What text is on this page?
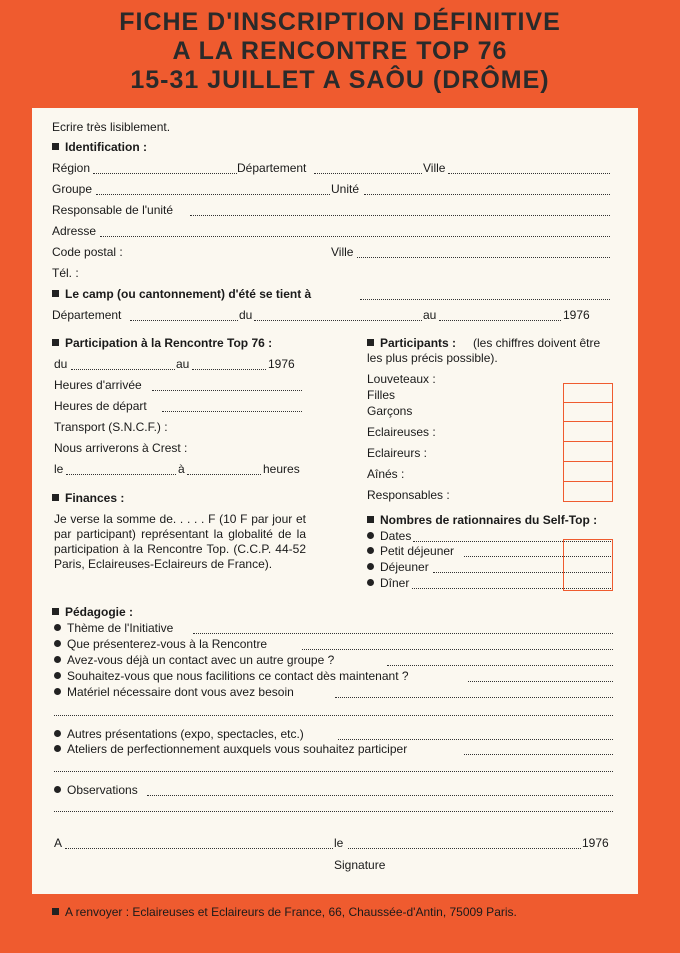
FICHE D'INSCRIPTION DÉFINITIVE
A LA RENCONTRE TOP 76
15-31 JUILLET A SAÔU (DRÔME)
Ecrire très lisiblement.
Identification :
Région	Département	Ville
Groupe	Unité
Responsable de l'unité
Adresse
Code postal :	Ville
Tél. :
Le camp (ou cantonnement) d'été se tient à
Département	du	au	1976
Participation à la Rencontre Top 76 :
du	au	1976
Heures d'arrivée
Heures de départ
Transport (S.N.C.F.) :
Nous arriverons à Crest :
le	à	heures
Finances :
Je verse la somme de. . . . . F (10 F par jour et par participant) représentant la globalité de la participation à la Rencontre Top. (C.C.P. 44-52 Paris, Eclaireuses-Eclaireurs de France).
Participants : (les chiffres doivent être
les plus précis possible).
Louveteaux :
Filles
Garçons
Eclaireuses :
Eclaireurs :
Aînés :
Responsables :
Nombres de rationnaires du Self-Top :
Dates
Petit déjeuner
Déjeuner
Dîner
Pédagogie :
Thème de l'Initiative
Que présenterez-vous à la Rencontre
Avez-vous déjà un contact avec un autre groupe ?
Souhaitez-vous que nous facilitions ce contact dès maintenant ?
Matériel nécessaire dont vous avez besoin
Autres présentations (expo, spectacles, etc.)
Ateliers de perfectionnement auxquels vous souhaitez participer
Observations
A	le	1976
Signature
A renvoyer : Eclaireuses et Eclaireurs de France, 66, Chaussée-d'Antin, 75009 Paris.
